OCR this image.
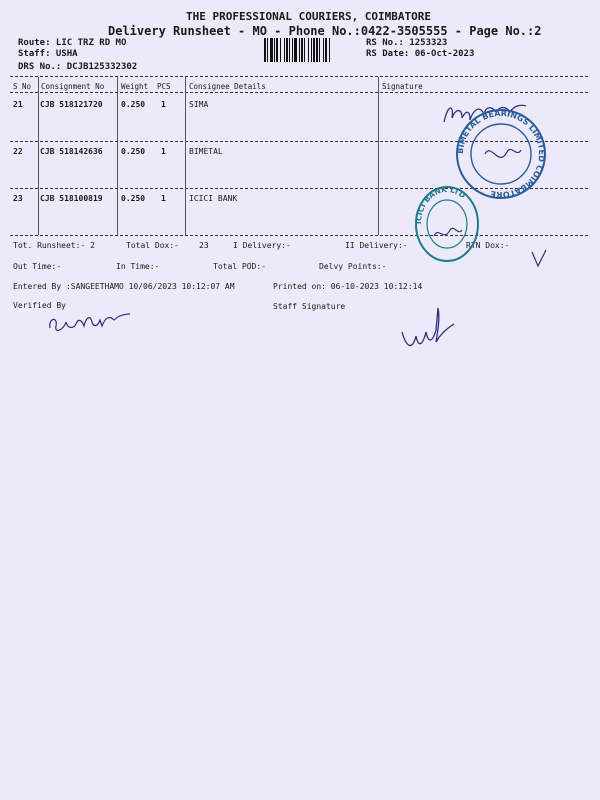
THE PROFESSIONAL COURIERS, COIMBATORE
Delivery Runsheet - MO - Phone No.:0422-3505555 - Page No.:2
Route: LIC TRZ RD MO
Staff: USHA
DRS No.: DCJB125332302
RS No.: 1253323
RS Date: 06-Oct-2023
S No Consignment No Weight PCS Consignee Details	Signature
21 CJB 518121720 0.250 1	SIMA
22 CJB 518142636 0.250 1	BIMETAL
23 CJB 518100819 0.250 1	ICICI BANK
Tot. Runsheet:- 2	Total Dox:-	23	I Delivery:-	II Delivery:-	RTN Dox:-
Out Time:-	In Time:-	Total POD:-	Delvy Points:-
Entered By :SANGEETHAMO 10/06/2023 10:12:07 AM	Printed on: 06-10-2023 10:12:14
Verified By	Staff Signature
BIMETAL BEARINGS LIMITED COIMBATORE
ICICI BANK LTD
